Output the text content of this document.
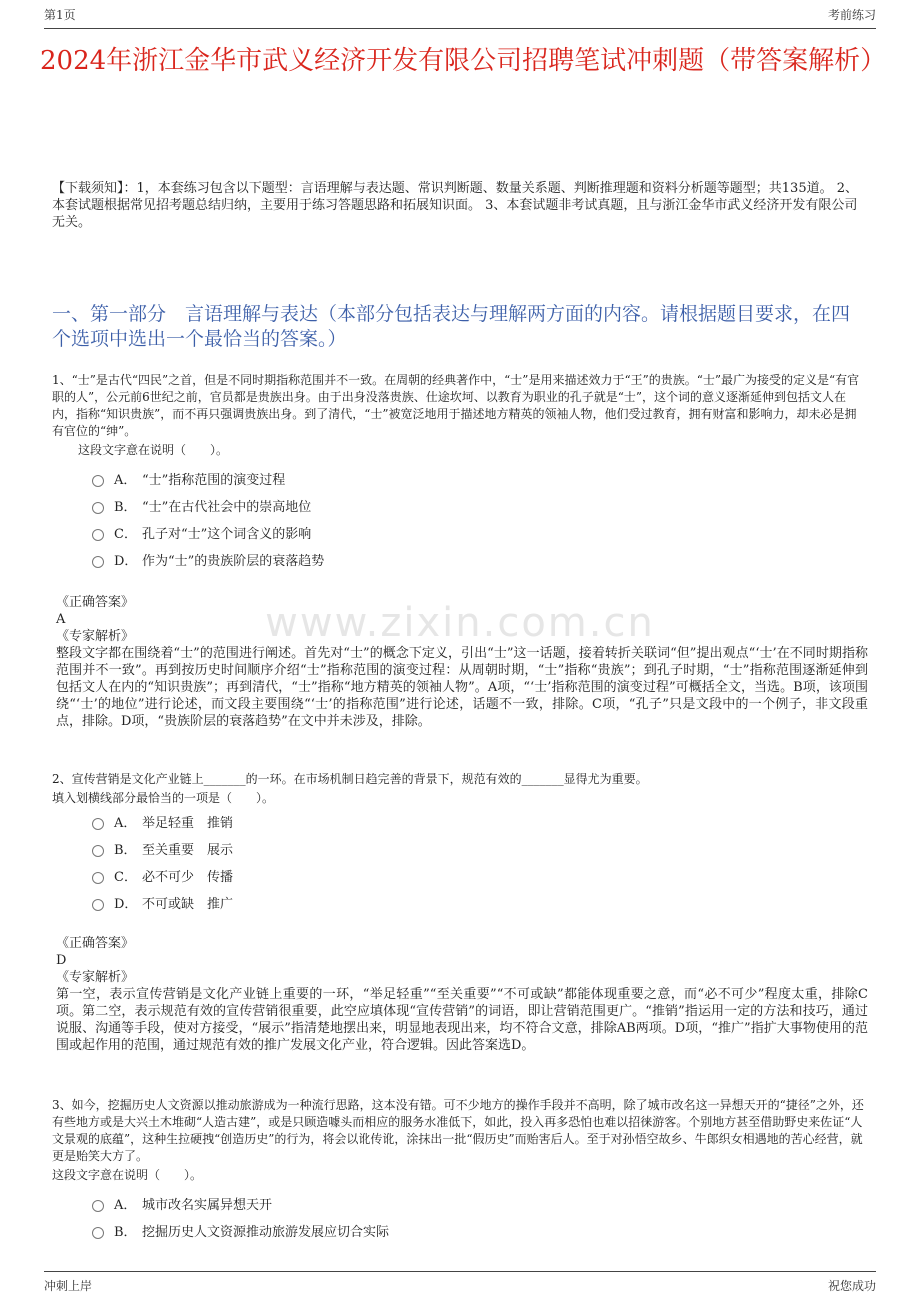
第1页	考前练习
2024年浙江金华市武义经济开发有限公司招聘笔试冲刺题（带答案解析）
【下载须知】：1，本套练习包含以下题型：言语理解与表达题、常识判断题、数量关系题、判断推理题和资料分析题等题型；共135道。 2、本套试题根据常见招考题总结归纳，主要用于练习答题思路和拓展知识面。 3、本套试题非考试真题，且与浙江金华市武义经济开发有限公司无关。
一、第一部分　言语理解与表达（本部分包括表达与理解两方面的内容。请根据题目要求，在四个选项中选出一个最恰当的答案。）
www.zixin.com.cn
1、“士”是古代“四民”之首，但是不同时期指称范围并不一致。在周朝的经典著作中，“士”是用来描述效力于“王”的贵族。“士”最广为接受的定义是“有官职的人”，公元前6世纪之前，官员都是贵族出身。由于出身没落贵族、仕途坎坷、以教育为职业的孔子就是“士”，这个词的意义逐渐延伸到包括文人在内，指称“知识贵族”，而不再只强调贵族出身。到了清代，“士”被宽泛地用于描述地方精英的领袖人物，他们受过教育，拥有财富和影响力，却未必是拥有官位的“绅”。
这段文字意在说明（　　）。
A． “士”指称范围的演变过程
B． “士”在古代社会中的崇高地位
C． 孔子对“士”这个词含义的影响
D． 作为“士”的贵族阶层的衰落趋势
《正确答案》
A
《专家解析》
整段文字都在围绕着“士”的范围进行阐述。首先对“士”的概念下定义，引出“士”这一话题，接着转折关联词“但”提出观点“‘士’在不同时期指称范围并不一致”。再到按历史时间顺序介绍“士”指称范围的演变过程：从周朝时期，“士”指称“贵族”；到孔子时期，“士”指称范围逐渐延伸到包括文人在内的“知识贵族”；再到清代，“士”指称“地方精英的领袖人物”。A项，“‘士’指称范围的演变过程”可概括全文，当选。B项，该项围绕“‘士’的地位”进行论述，而文段主要围绕“‘士’的指称范围”进行论述，话题不一致，排除。C项，“孔子”只是文段中的一个例子，非文段重点，排除。D项，“贵族阶层的衰落趋势”在文中并未涉及，排除。
2、宣传营销是文化产业链上_______的一环。在市场机制日趋完善的背景下，规范有效的_______显得尤为重要。
填入划横线部分最恰当的一项是（　　）。
A． 举足轻重　推销
B． 至关重要　展示
C． 必不可少　传播
D． 不可或缺　推广
《正确答案》
D
《专家解析》
第一空，表示宣传营销是文化产业链上重要的一环，“举足轻重”“至关重要”“不可或缺”都能体现重要之意，而“必不可少”程度太重，排除C项。第二空，表示规范有效的宣传营销很重要，此空应填体现“宣传营销”的词语，即让营销范围更广。“推销”指运用一定的方法和技巧，通过说服、沟通等手段，使对方接受，“展示”指清楚地摆出来，明显地表现出来，均不符合文意，排除AB两项。D项，“推广”指扩大事物使用的范围或起作用的范围，通过规范有效的推广发展文化产业，符合逻辑。因此答案选D。
3、如今，挖掘历史人文资源以推动旅游成为一种流行思路，这本没有错。可不少地方的操作手段并不高明，除了城市改名这一异想天开的“捷径”之外，还有些地方或是大兴土木堆砌“人造古建”，或是只顾造噱头而相应的服务水准低下，如此，投入再多恐怕也难以招徕游客。个别地方甚至借助野史来佐证“人文景观的底蕴”，这种生拉硬拽“创造历史”的行为，将会以讹传讹，涂抹出一批“假历史”而贻害后人。至于对孙悟空故乡、牛郎织女相遇地的苦心经营，就更是贻笑大方了。
这段文字意在说明（　　）。
A． 城市改名实属异想天开
B． 挖掘历史人文资源推动旅游发展应切合实际
冲刺上岸	祝您成功
